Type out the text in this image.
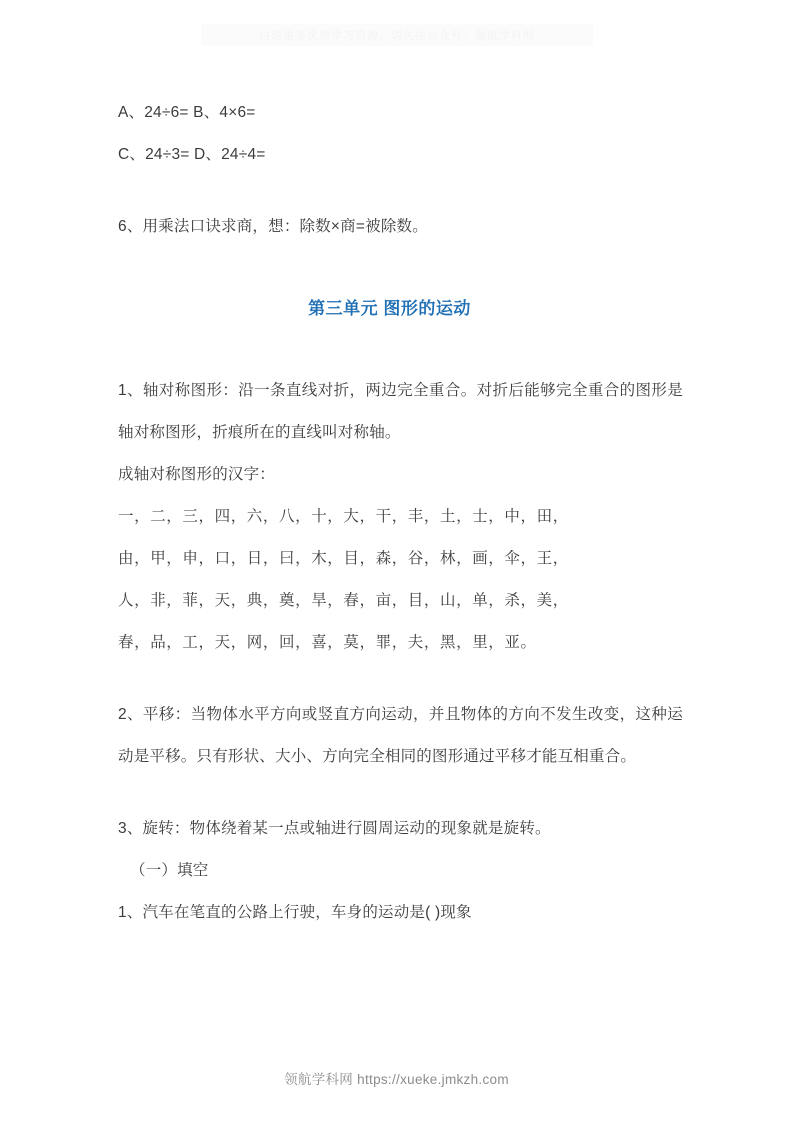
白送更多优质学习资源，请关注公众号：领航学科网
A、24÷6= B、4×6=
C、24÷3= D、24÷4=
6、用乘法口诀求商，想：除数×商=被除数。
第三单元 图形的运动
1、轴对称图形：沿一条直线对折，两边完全重合。对折后能够完全重合的图形是轴对称图形，折痕所在的直线叫对称轴。
成轴对称图形的汉字：
一，二，三，四，六，八，十，大，干，丰，土，士，中，田，
由，甲，申，口，日，曰，木，目，森，谷，林，画，伞，王，
人，非，菲，天，典，奠，旱，春，亩，目，山，单，杀，美，
春，品，工，天，网，回，喜，莫，罪，夫，黑，里，亚。
2、平移：当物体水平方向或竖直方向运动，并且物体的方向不发生改变，这种运动是平移。只有形状、大小、方向完全相同的图形通过平移才能互相重合。
3、旋转：物体绕着某一点或轴进行圆周运动的现象就是旋转。
（一）填空
1、汽车在笔直的公路上行驶，车身的运动是( )现象
领航学科网 https://xueke.jmkzh.com
